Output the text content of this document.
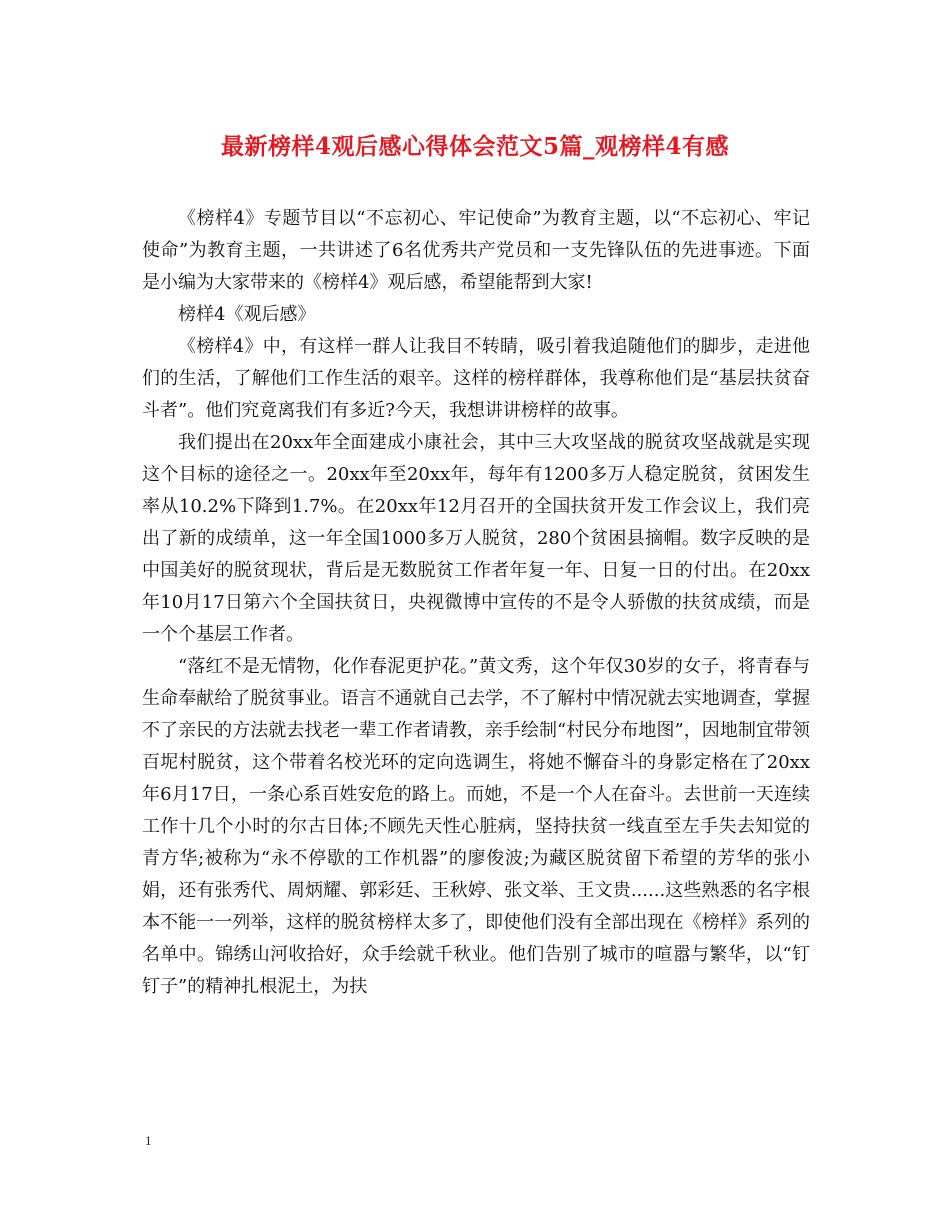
最新榜样4观后感心得体会范文5篇_观榜样4有感

《榜样4》专题节目以“不忘初心、牢记使命”为教育主题，以“不忘初心、牢记使命”为教育主题，一共讲述了6名优秀共产党员和一支先锋队伍的先进事迹。下面是小编为大家带来的《榜样4》观后感，希望能帮到大家!

榜样4《观后感》

《榜样4》中，有这样一群人让我目不转睛，吸引着我追随他们的脚步，走进他们的生活，了解他们工作生活的艰辛。这样的榜样群体，我尊称他们是“基层扶贫奋斗者”。他们究竟离我们有多近?今天，我想讲讲榜样的故事。

我们提出在20xx年全面建成小康社会，其中三大攻坚战的脱贫攻坚战就是实现这个目标的途径之一。20xx年至20xx年，每年有1200多万人稳定脱贫，贫困发生率从10.2%下降到1.7%。在20xx年12月召开的全国扶贫开发工作会议上，我们亮出了新的成绩单，这一年全国1000多万人脱贫，280个贫困县摘帽。数字反映的是中国美好的脱贫现状，背后是无数脱贫工作者年复一年、日复一日的付出。在20xx年10月17日第六个全国扶贫日，央视微博中宣传的不是令人骄傲的扶贫成绩，而是一个个基层工作者。

“落红不是无情物，化作春泥更护花。”黄文秀，这个年仅30岁的女子，将青春与生命奉献给了脱贫事业。语言不通就自己去学，不了解村中情况就去实地调查，掌握不了亲民的方法就去找老一辈工作者请教，亲手绘制“村民分布地图”，因地制宜带领百坭村脱贫，这个带着名校光环的定向选调生，将她不懈奋斗的身影定格在了20xx年6月17日，一条心系百姓安危的路上。而她，不是一个人在奋斗。去世前一天连续工作十几个小时的尔古日体;不顾先天性心脏病，坚持扶贫一线直至左手失去知觉的青方华;被称为“永不停歇的工作机器”的廖俊波;为藏区脱贫留下希望的芳华的张小娟，还有张秀代、周炳耀、郭彩廷、王秋婷、张文举、王文贵......这些熟悉的名字根本不能一一列举，这样的脱贫榜样太多了，即使他们没有全部出现在《榜样》系列的名单中。锦绣山河收拾好，众手绘就千秋业。他们告别了城市的喧嚣与繁华，以“钉钉子”的精神扎根泥土，为扶

1
